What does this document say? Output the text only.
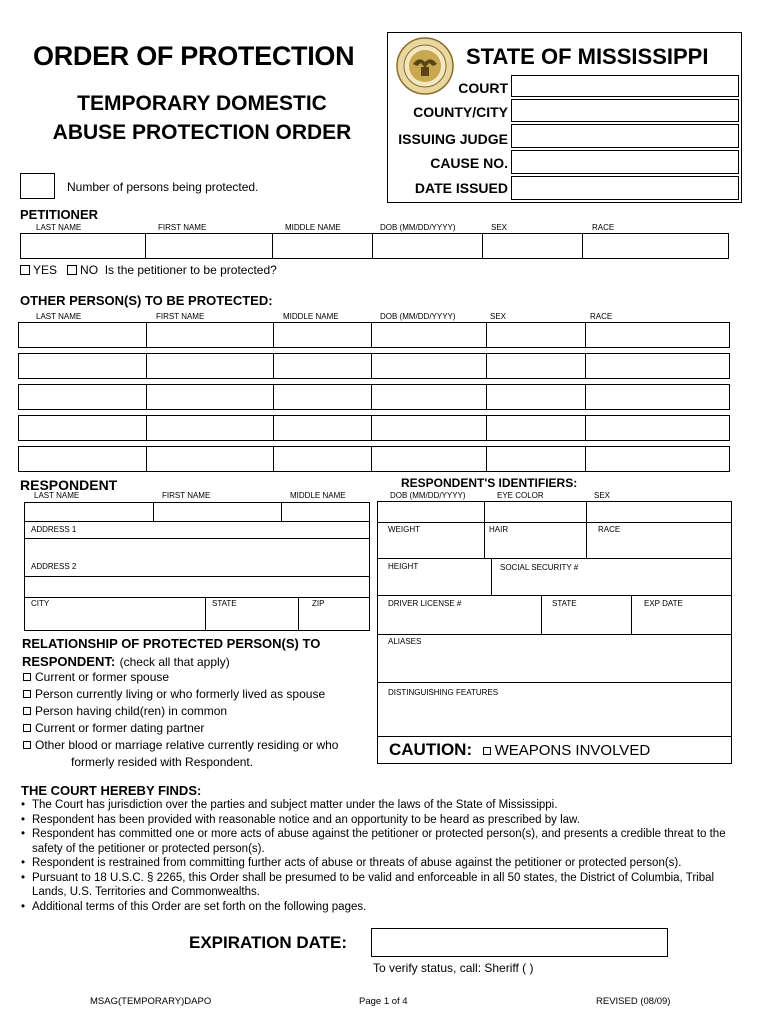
ORDER OF PROTECTION
TEMPORARY DOMESTIC
ABUSE PROTECTION ORDER
STATE OF MISSISSIPPI
COURT
COUNTY/CITY
ISSUING JUDGE
CAUSE NO.
DATE ISSUED
Number of persons being protected.
PETITIONER
LAST NAME	FIRST NAME	MIDDLE NAME	DOB (MM/DD/YYYY)	SEX	RACE
YES NO Is the petitioner to be protected?
OTHER PERSON(S) TO BE PROTECTED:
LAST NAME	FIRST NAME	MIDDLE NAME	DOB (MM/DD/YYYY)	SEX	RACE
RESPONDENT	RESPONDENT'S IDENTIFIERS:
LAST NAME	FIRST NAME	MIDDLE NAME	DOB (MM/DD/YYYY)	EYE COLOR	SEX
ADDRESS 1
ADDRESS 2
CITY	STATE	ZIP
WEIGHT	HAIR	RACE
HEIGHT	SOCIAL SECURITY #
DRIVER LICENSE #	STATE	EXP DATE
ALIASES
DISTINGUISHING FEATURES
CAUTION: WEAPONS INVOLVED
RELATIONSHIP OF PROTECTED PERSON(S) TO
RESPONDENT: (check all that apply)
Current or former spouse
Person currently living or who formerly lived as spouse
Person having child(ren) in common
Current or former dating partner
Other blood or marriage relative currently residing or who
formerly resided with Respondent.
THE COURT HEREBY FINDS:
• The Court has jurisdiction over the parties and subject matter under the laws of the State of Mississippi.
• Respondent has been provided with reasonable notice and an opportunity to be heard as prescribed by law.
• Respondent has committed one or more acts of abuse against the petitioner or protected person(s), and presents a credible threat to the safety of the petitioner or protected person(s).
• Respondent is restrained from committing further acts of abuse or threats of abuse against the petitioner or protected person(s).
• Pursuant to 18 U.S.C. § 2265, this Order shall be presumed to be valid and enforceable in all 50 states, the District of Columbia, Tribal Lands, U.S. Territories and Commonwealths.
• Additional terms of this Order are set forth on the following pages.
EXPIRATION DATE:
To verify status, call: Sheriff ( )
MSAG(TEMPORARY)DAPO	Page 1 of 4	REVISED (08/09)
